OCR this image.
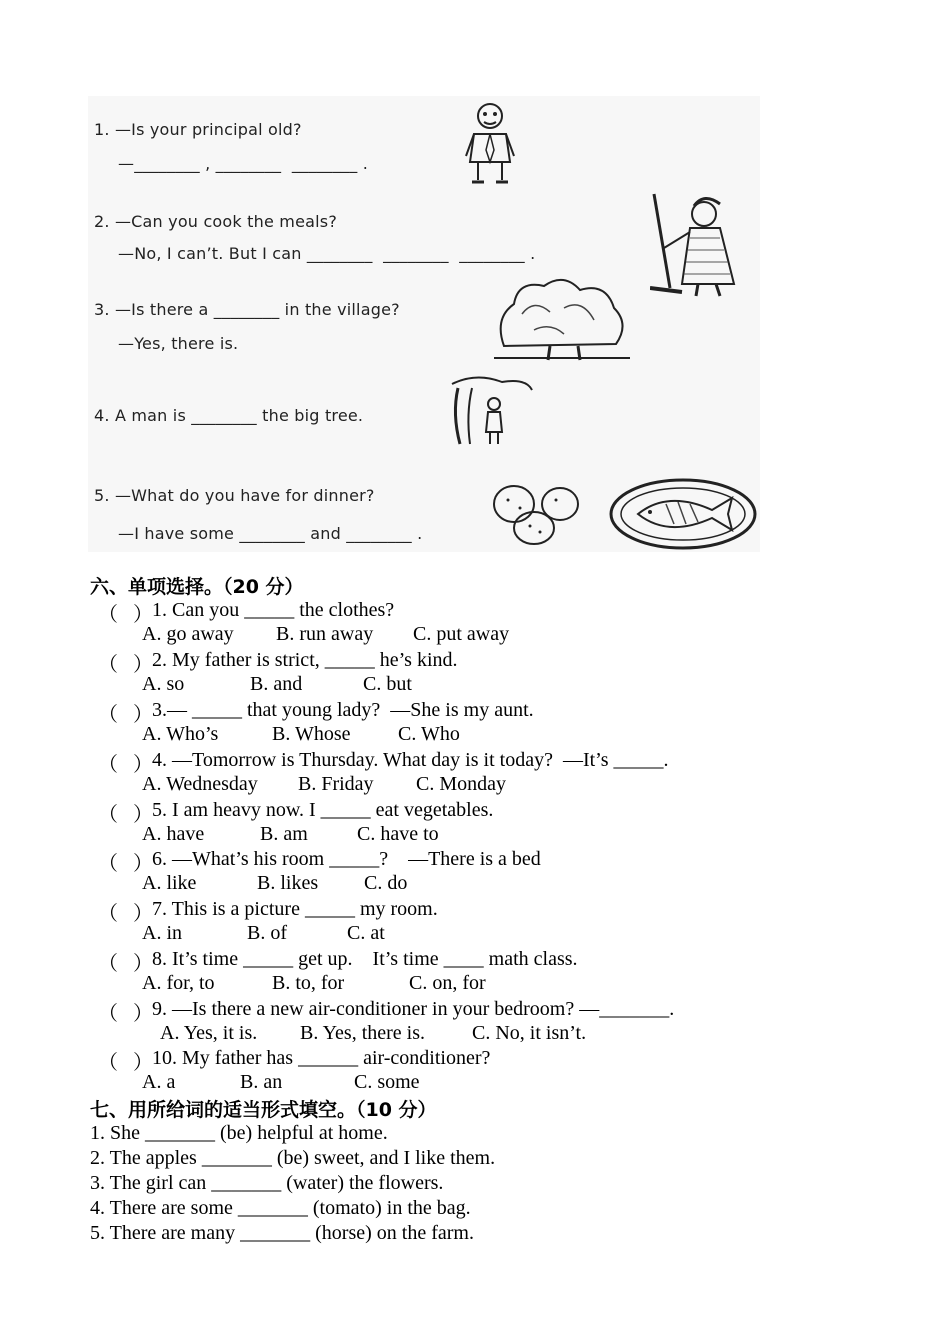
1. —Is your principal old?
—________ , ________  ________ .
2. —Can you cook the meals?
—No, I can’t. But I can ________  ________  ________ .
3. —Is there a ________ in the village?
—Yes, there is.
4. A man is ________ the big tree.
5. —What do you have for dinner?
—I have some ________ and ________ .
六、单项选择。（20 分）
（   ） 1. Can you _____ the clothes?
A. go away B. run away C. put away
（   ） 2. My father is strict, _____ he’s kind.
A. so	B. and	C. but
（   ） 3.— _____ that young lady?  —She is my aunt.
A. Who’s	B. Whose C. Who
（   ） 4. —Tomorrow is Thursday. What day is it today?  —It’s _____.
A. Wednesday B. Friday C. Monday
（   ） 5. I am heavy now. I _____ eat vegetables.
A. have	B. am C. have to
（   ） 6. —What’s his room _____?    —There is a bed
A. like	B. likes C. do
（   ） 7. This is a picture _____ my room.
A. in	B. of	C. at
（   ） 8. It’s time _____ get up.    It’s time ____ math class.
A. for, to	B. to, for	C. on, for
（   ） 9. —Is there a new air-conditioner in your bedroom? —_______.
A. Yes, it is. B. Yes, there is. C. No, it isn’t.
（   ） 10. My father has ______ air-conditioner?
A. a	B. an	C. some
七、用所给词的适当形式填空。（10 分）
1. She _______ (be) helpful at home.
2. The apples _______ (be) sweet, and I like them.
3. The girl can _______ (water) the flowers.
4. There are some _______ (tomato) in the bag.
5. There are many _______ (horse) on the farm.
